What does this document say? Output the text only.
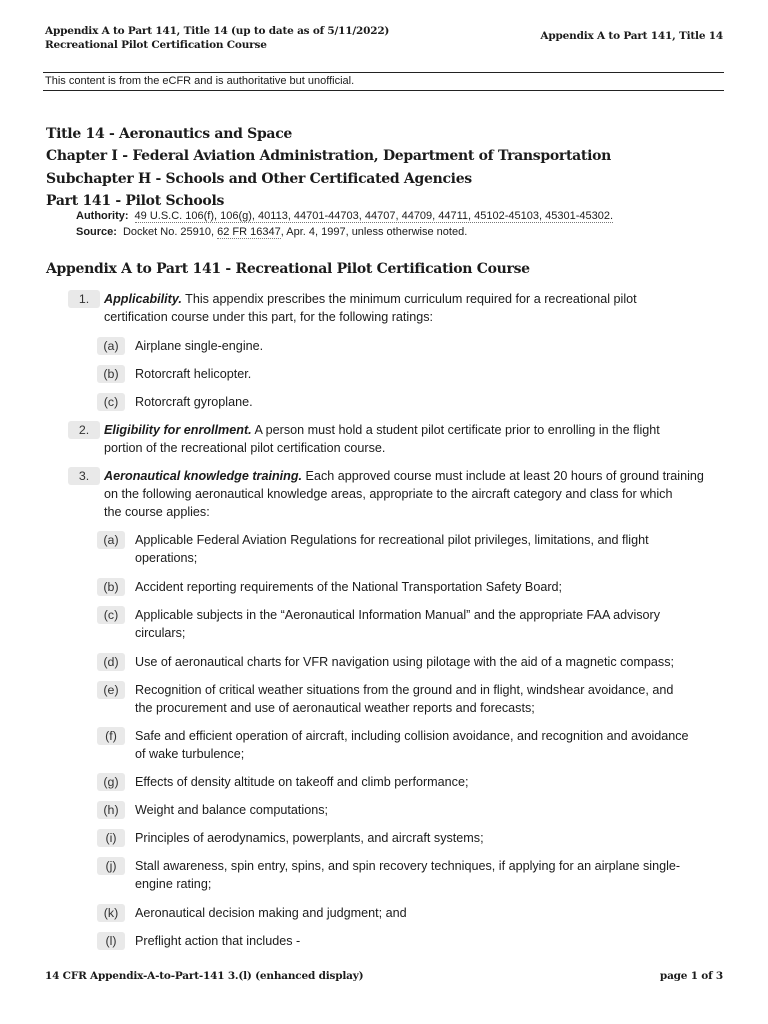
Appendix A to Part 141, Title 14 (up to date as of 5/11/2022)
Recreational Pilot Certification Course
Appendix A to Part 141, Title 14
This content is from the eCFR and is authoritative but unofficial.
Title 14 - Aeronautics and Space
Chapter I - Federal Aviation Administration, Department of Transportation
Subchapter H - Schools and Other Certificated Agencies
Part 141 - Pilot Schools
Authority: 49 U.S.C. 106(f), 106(g), 40113, 44701-44703, 44707, 44709, 44711, 45102-45103, 45301-45302.
Source: Docket No. 25910, 62 FR 16347, Apr. 4, 1997, unless otherwise noted.
Appendix A to Part 141 - Recreational Pilot Certification Course
1.	Applicability. This appendix prescribes the minimum curriculum required for a recreational pilot
certification course under this part, for the following ratings:
(a)	Airplane single-engine.
(b)	Rotorcraft helicopter.
(c)	Rotorcraft gyroplane.
2.	Eligibility for enrollment. A person must hold a student pilot certificate prior to enrolling in the flight
portion of the recreational pilot certification course.
3.	Aeronautical knowledge training. Each approved course must include at least 20 hours of ground training
on the following aeronautical knowledge areas, appropriate to the aircraft category and class for which
the course applies:
(a)	Applicable Federal Aviation Regulations for recreational pilot privileges, limitations, and flight
operations;
(b)	Accident reporting requirements of the National Transportation Safety Board;
(c)	Applicable subjects in the “Aeronautical Information Manual” and the appropriate FAA advisory
circulars;
(d)	Use of aeronautical charts for VFR navigation using pilotage with the aid of a magnetic compass;
(e)	Recognition of critical weather situations from the ground and in flight, windshear avoidance, and
the procurement and use of aeronautical weather reports and forecasts;
(f)	Safe and efficient operation of aircraft, including collision avoidance, and recognition and avoidance
of wake turbulence;
(g)	Effects of density altitude on takeoff and climb performance;
(h)	Weight and balance computations;
(i)	Principles of aerodynamics, powerplants, and aircraft systems;
(j)	Stall awareness, spin entry, spins, and spin recovery techniques, if applying for an airplane single-
engine rating;
(k)	Aeronautical decision making and judgment; and
(l)	Preflight action that includes -
14 CFR Appendix-A-to-Part-141 3.(l) (enhanced display)	page 1 of 3
